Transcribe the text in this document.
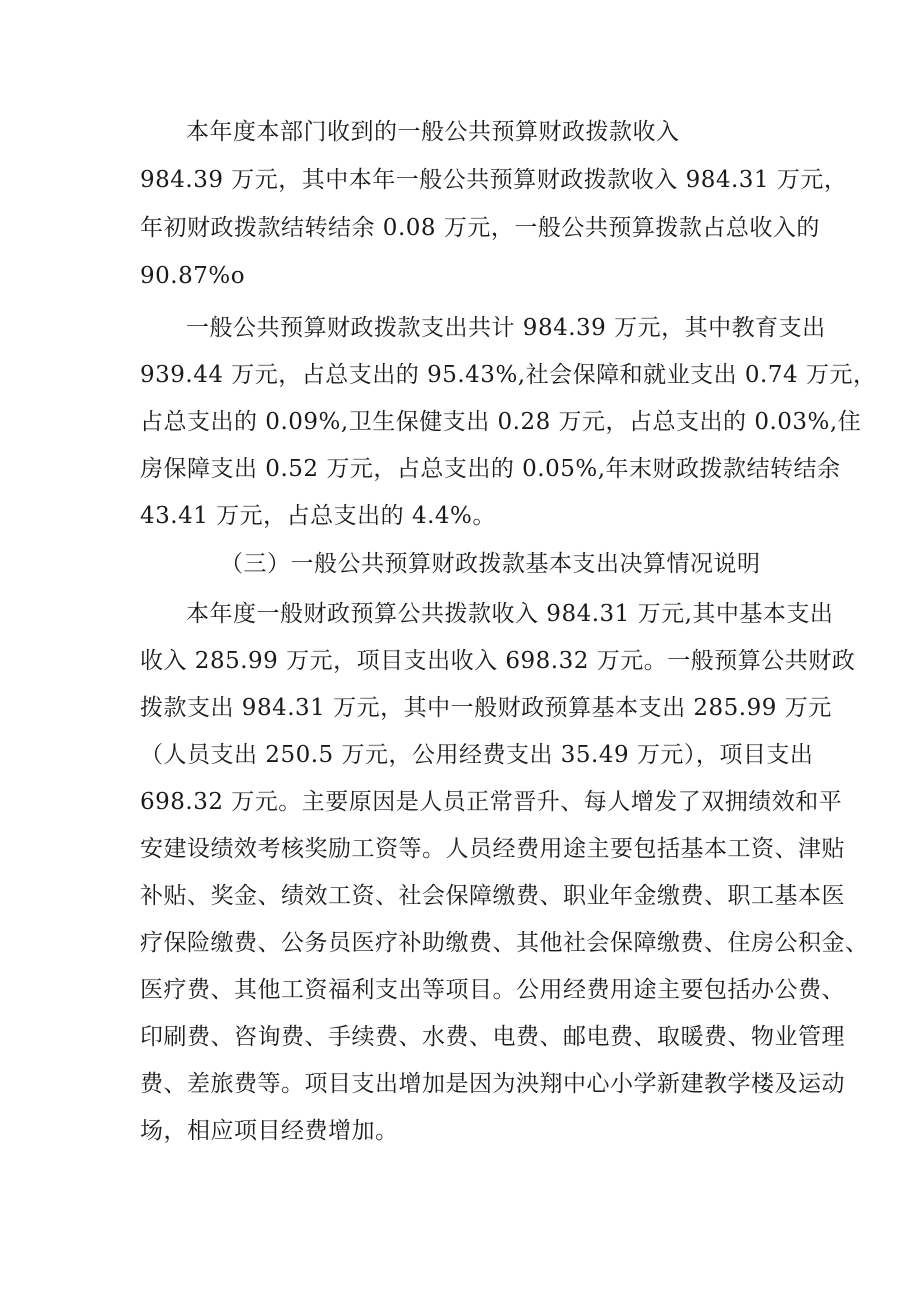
本年度本部门收到的一般公共预算财政拨款收入
984.39 万元，其中本年一般公共预算财政拨款收入 984.31 万元，
年初财政拨款结转结余 0.08 万元，一般公共预算拨款占总收入的
90.87%o
一般公共预算财政拨款支出共计 984.39 万元，其中教育支出
939.44 万元，占总支出的 95.43%,社会保障和就业支出 0.74 万元，
占总支出的 0.09%,卫生保健支出 0.28 万元，占总支出的 0.03%,住
房保障支出 0.52 万元，占总支出的 0.05%,年末财政拨款结转结余
43.41 万元，占总支出的 4.4%。
（三）一般公共预算财政拨款基本支出决算情况说明
本年度一般财政预算公共拨款收入 984.31 万元,其中基本支出
收入 285.99 万元，项目支出收入 698.32 万元。一般预算公共财政
拨款支出 984.31 万元，其中一般财政预算基本支出 285.99 万元
（人员支出 250.5 万元，公用经费支出 35.49 万元），项目支出
698.32 万元。主要原因是人员正常晋升、每人增发了双拥绩效和平
安建设绩效考核奖励工资等。人员经费用途主要包括基本工资、津贴
补贴、奖金、绩效工资、社会保障缴费、职业年金缴费、职工基本医
疗保险缴费、公务员医疗补助缴费、其他社会保障缴费、住房公积金、
医疗费、其他工资福利支出等项目。公用经费用途主要包括办公费、
印刷费、咨询费、手续费、水费、电费、邮电费、取暖费、物业管理
费、差旅费等。项目支出增加是因为泱翔中心小学新建教学楼及运动
场，相应项目经费增加。
